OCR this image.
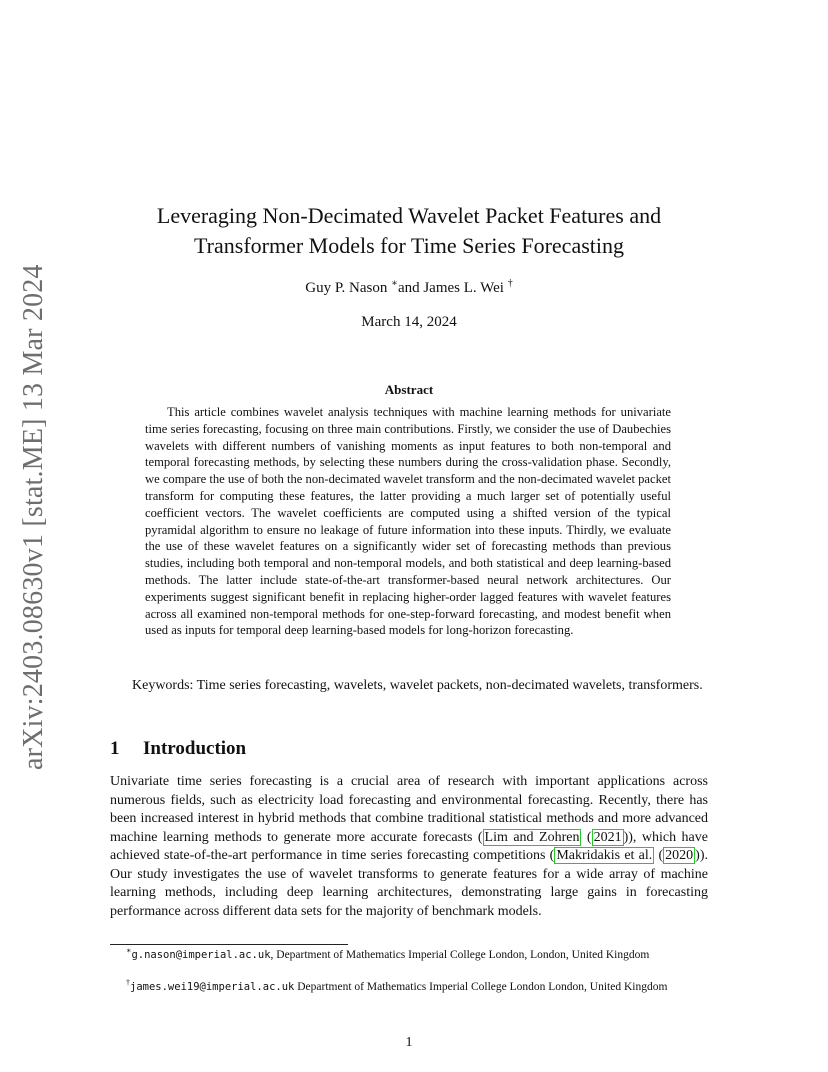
arXiv:2403.08630v1 [stat.ME] 13 Mar 2024
Leveraging Non-Decimated Wavelet Packet Features and
Transformer Models for Time Series Forecasting
Guy P. Nason ∗and James L. Wei †
March 14, 2024
Abstract

This article combines wavelet analysis techniques with machine learning methods for univariate time series forecasting, focusing on three main contributions. Firstly, we consider the use of Daubechies wavelets with different numbers of vanishing moments as input features to both non-temporal and temporal forecasting methods, by selecting these numbers during the cross-validation phase. Secondly, we compare the use of both the non-decimated wavelet transform and the non-decimated wavelet packet transform for computing these features, the latter providing a much larger set of potentially useful coefficient vectors. The wavelet coefficients are computed using a shifted version of the typical pyramidal algorithm to ensure no leakage of future information into these inputs. Thirdly, we evaluate the use of these wavelet features on a significantly wider set of forecasting methods than previous studies, including both temporal and non-temporal models, and both statistical and deep learning-based methods. The latter include state-of-the-art transformer-based neural network architectures. Our experiments suggest significant benefit in replacing higher-order lagged features with wavelet features across all examined non-temporal methods for one-step-forward forecasting, and modest benefit when used as inputs for temporal deep learning-based models for long-horizon forecasting.

Keywords: Time series forecasting, wavelets, wavelet packets, non-decimated wavelets, transformers.

1 Introduction

Univariate time series forecasting is a crucial area of research with important applications across numerous fields, such as electricity load forecasting and environmental forecasting. Recently, there has been increased interest in hybrid methods that combine traditional statistical methods and more advanced machine learning methods to generate more accurate forecasts ( Lim and Zohren ( 2021 )), which have achieved state-of-the-art performance in time series forecasting competitions ( Makridakis et al. ( 2020 )). Our study investigates the use of wavelet transforms to generate features for a wide array of machine learning methods, including deep learning architectures, demonstrating large gains in forecasting performance across different data sets for the majority of benchmark models.

∗g.nason@imperial.ac.uk, Department of Mathematics Imperial College London, London, United Kingdom

†james.wei19@imperial.ac.uk Department of Mathematics Imperial College London London, United Kingdom

1
